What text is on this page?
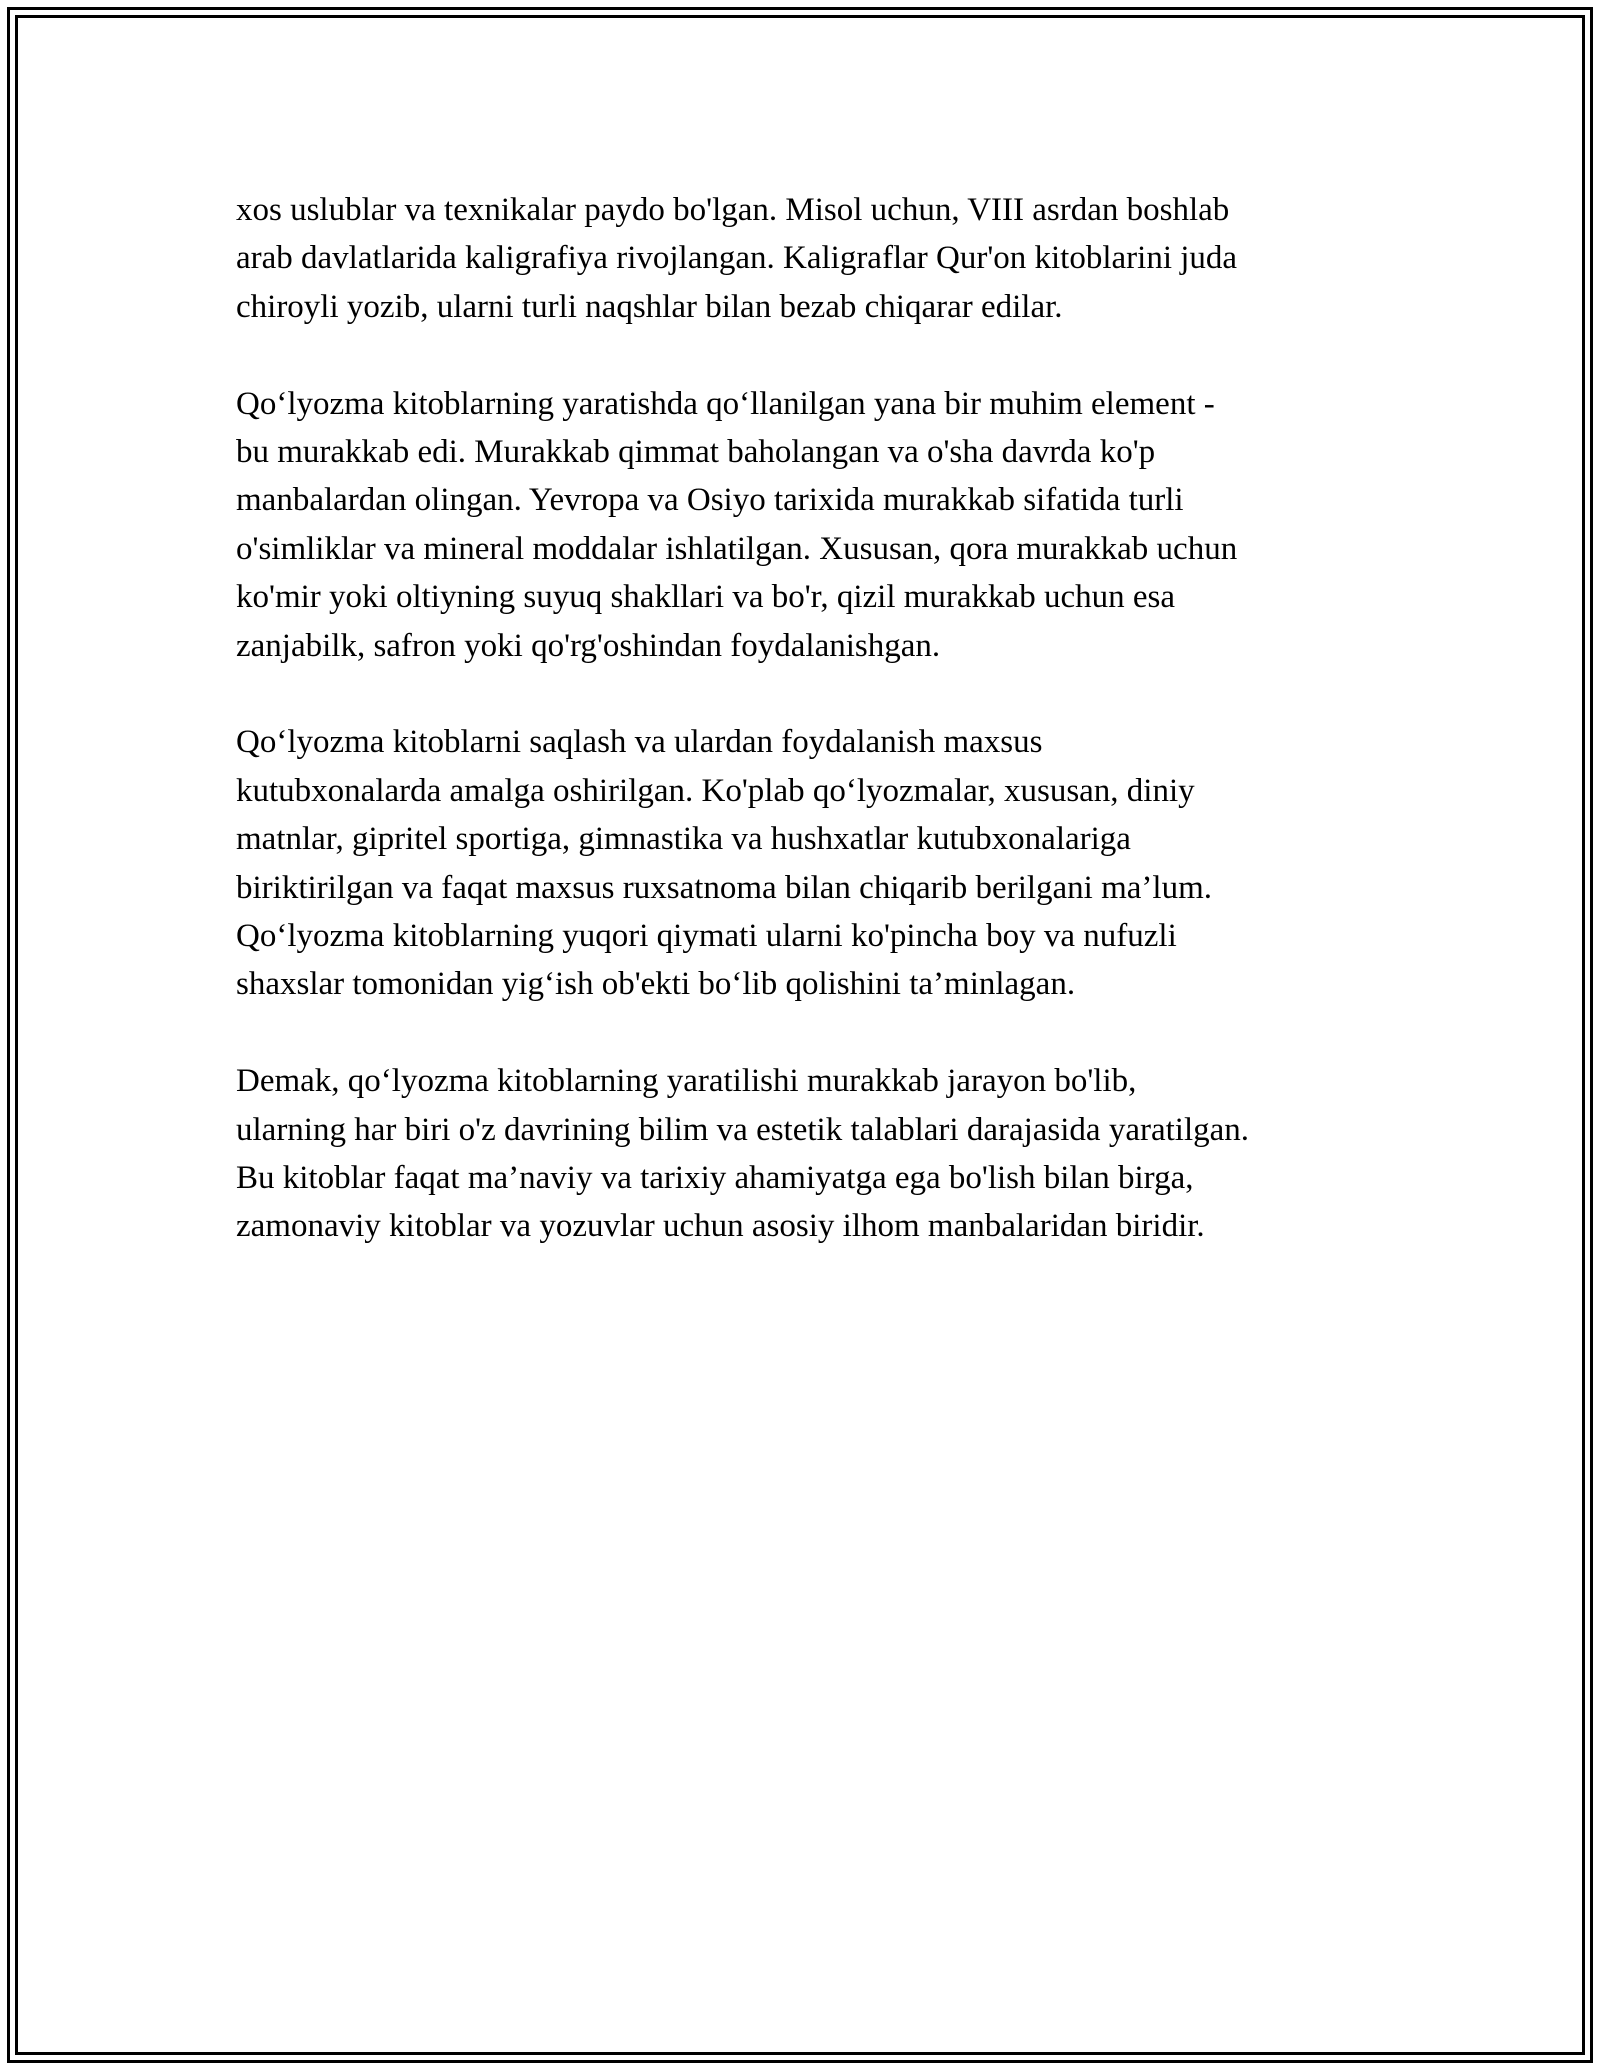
xos uslublar va texnikalar paydo bo'lgan. Misol uchun, VIII asrdan boshlab
arab davlatlarida kaligrafiya rivojlangan. Kaligraflar Qur'on kitoblarini juda
chiroyli yozib, ularni turli naqshlar bilan bezab chiqarar edilar.

Qo‘lyozma kitoblarning yaratishda qo‘llanilgan yana bir muhim element -
bu murakkab edi. Murakkab qimmat baholangan va o'sha davrda ko'p
manbalardan olingan. Yevropa va Osiyo tarixida murakkab sifatida turli
o'simliklar va mineral moddalar ishlatilgan. Xususan, qora murakkab uchun
ko'mir yoki oltiyning suyuq shakllari va bo'r, qizil murakkab uchun esa
zanjabilk, safron yoki qo'rg'oshindan foydalanishgan.

Qo‘lyozma kitoblarni saqlash va ulardan foydalanish maxsus
kutubxonalarda amalga oshirilgan. Ko'plab qo‘lyozmalar, xususan, diniy
matnlar, gipritel sportiga, gimnastika va hushxatlar kutubxonalariga
biriktirilgan va faqat maxsus ruxsatnoma bilan chiqarib berilgani ma’lum.
Qo‘lyozma kitoblarning yuqori qiymati ularni ko'pincha boy va nufuzli
shaxslar tomonidan yig‘ish ob'ekti bo‘lib qolishini ta’minlagan.

Demak, qo‘lyozma kitoblarning yaratilishi murakkab jarayon bo'lib,
ularning har biri o'z davrining bilim va estetik talablari darajasida yaratilgan.
Bu kitoblar faqat ma’naviy va tarixiy ahamiyatga ega bo'lish bilan birga,
zamonaviy kitoblar va yozuvlar uchun asosiy ilhom manbalaridan biridir.
